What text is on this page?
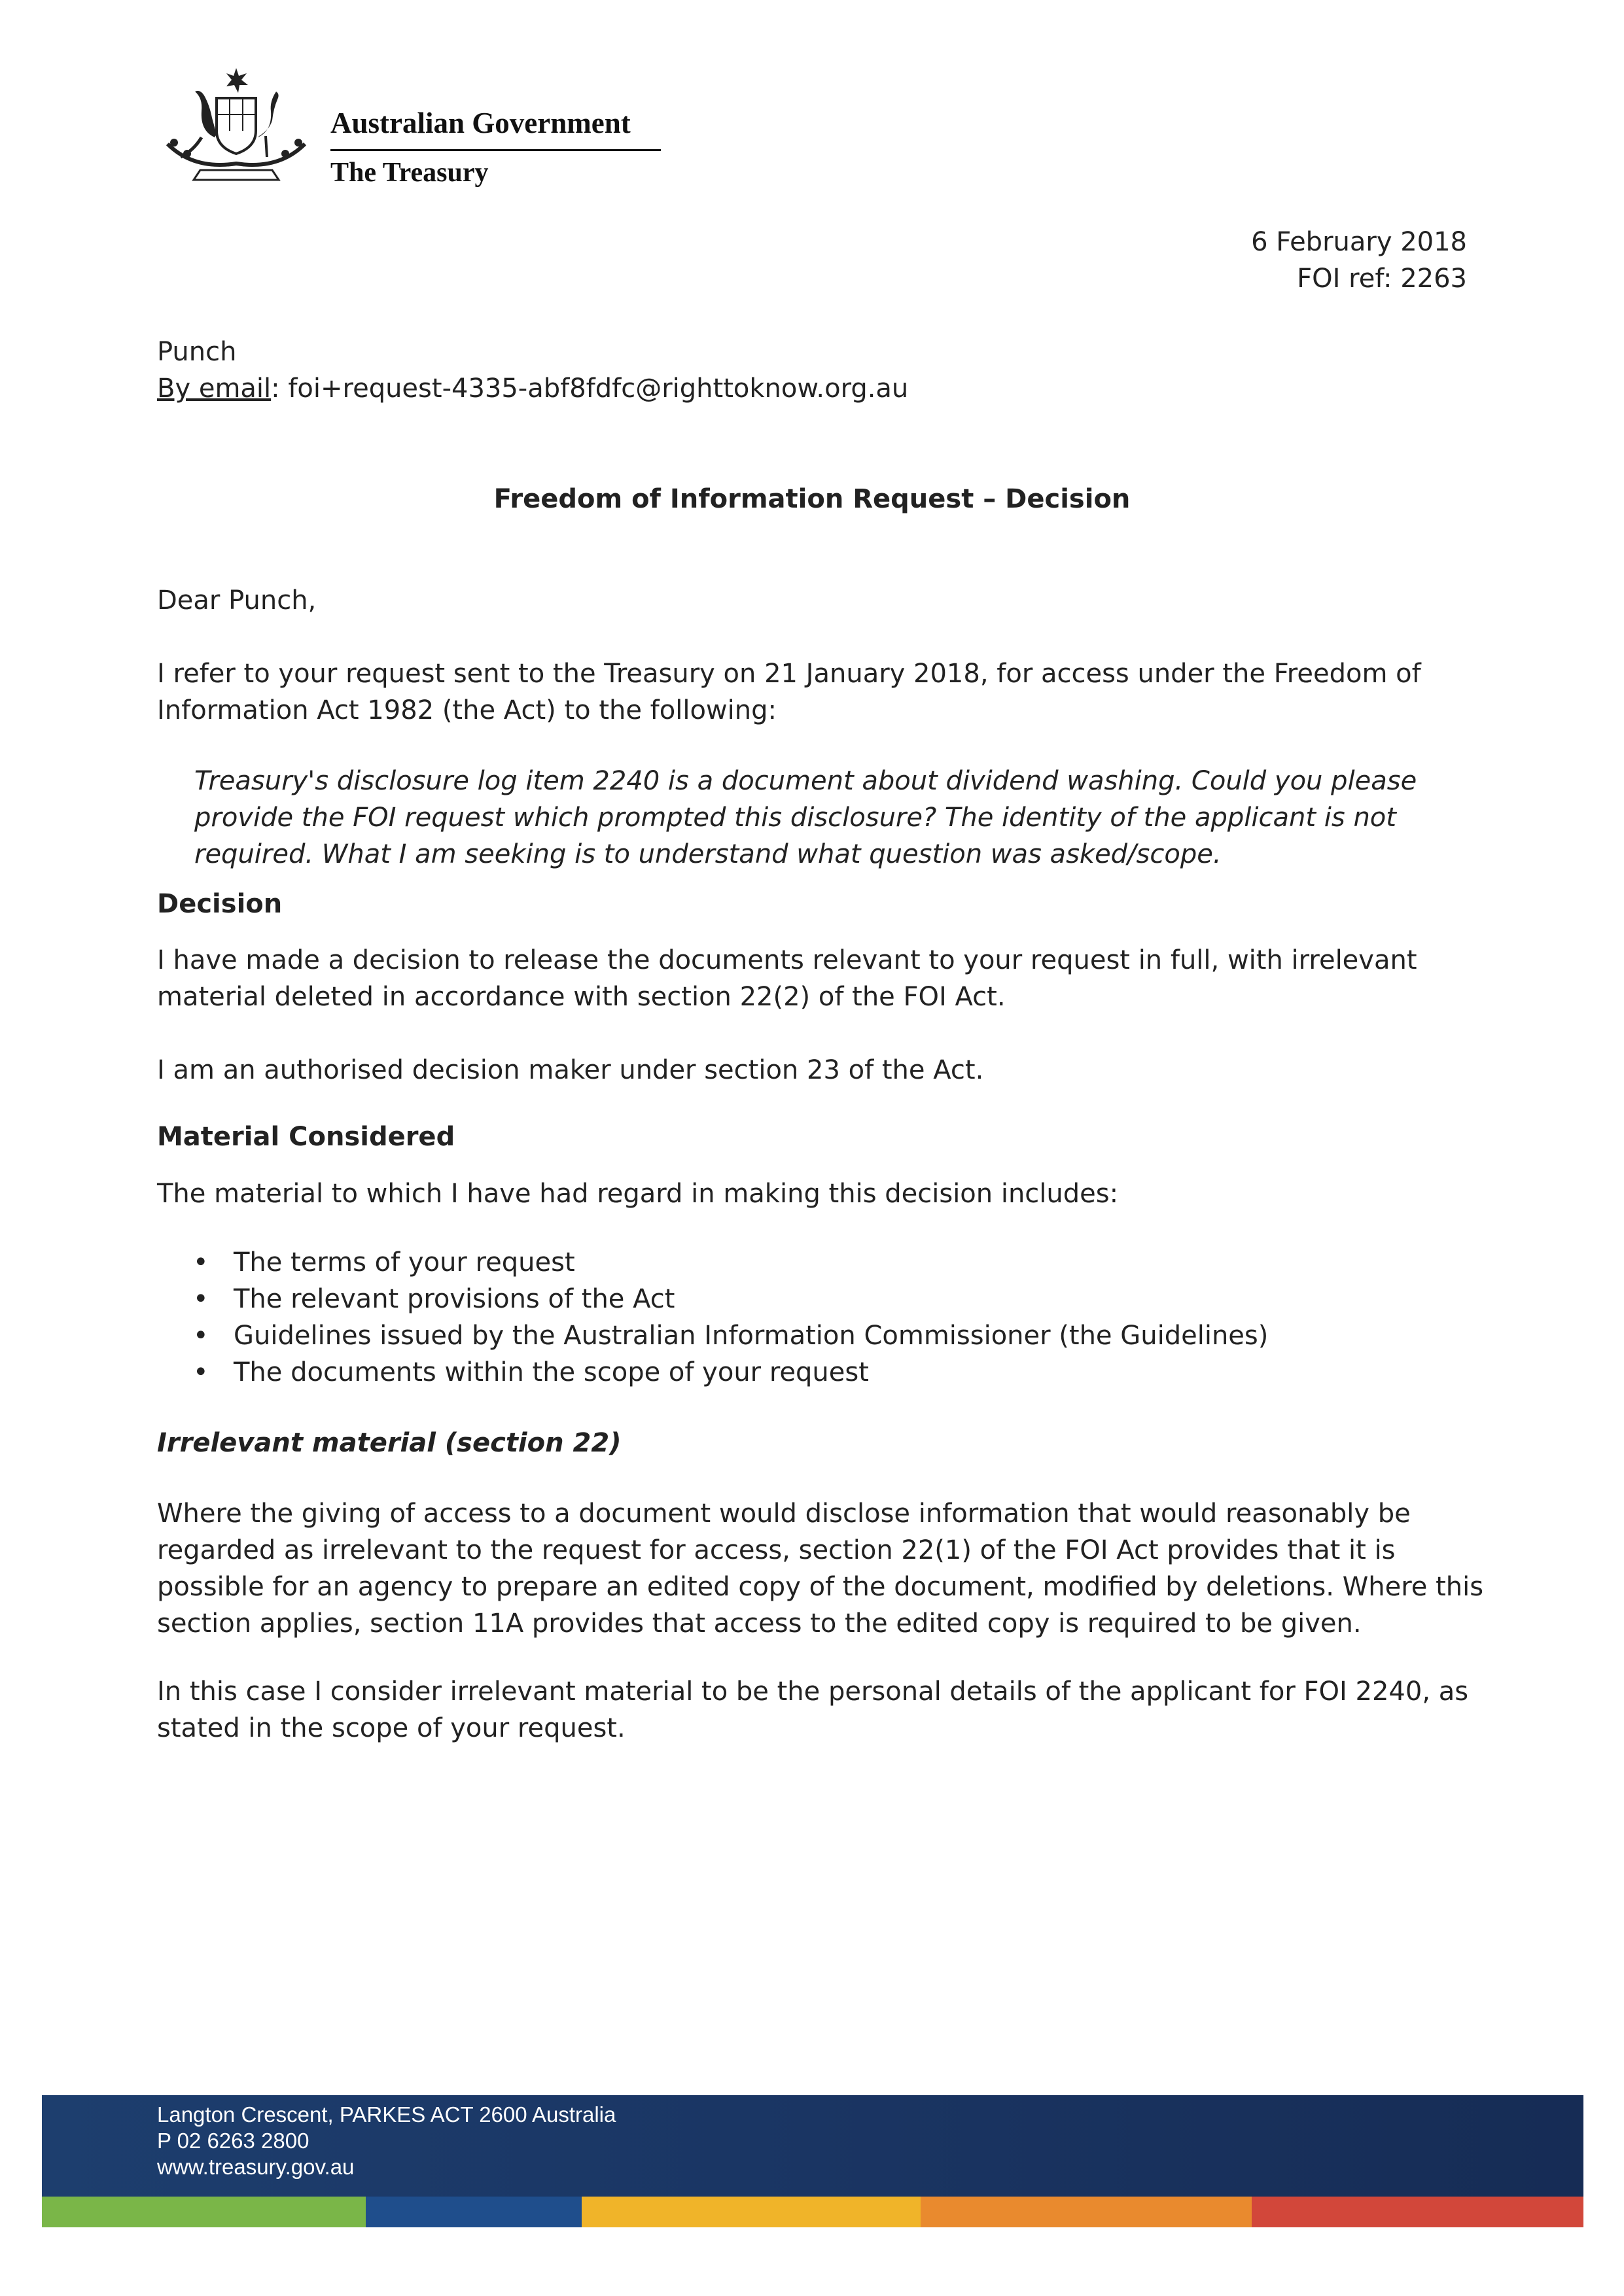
Australian Government
The Treasury
6 February 2018
FOI ref: 2263
Punch
By email: foi+request-4335-abf8fdfc@righttoknow.org.au
Freedom of Information Request – Decision
Dear Punch,

I refer to your request sent to the Treasury on 21 January 2018, for access under the Freedom of Information Act 1982 (the Act) to the following:

Treasury's disclosure log item 2240 is a document about dividend washing. Could you please provide the FOI request which prompted this disclosure? The identity of the applicant is not required. What I am seeking is to understand what question was asked/scope.

Decision

I have made a decision to release the documents relevant to your request in full, with irrelevant material deleted in accordance with section 22(2) of the FOI Act.

I am an authorised decision maker under section 23 of the Act.

Material Considered

The material to which I have had regard in making this decision includes:

• The terms of your request
• The relevant provisions of the Act
• Guidelines issued by the Australian Information Commissioner (the Guidelines)
• The documents within the scope of your request
Irrelevant material (section 22)

Where the giving of access to a document would disclose information that would reasonably be regarded as irrelevant to the request for access, section 22(1) of the FOI Act provides that it is possible for an agency to prepare an edited copy of the document, modified by deletions. Where this section applies, section 11A provides that access to the edited copy is required to be given.

In this case I consider irrelevant material to be the personal details of the applicant for FOI 2240, as stated in the scope of your request.

Langton Crescent, PARKES ACT 2600 Australia
P 02 6263 2800
www.treasury.gov.au
